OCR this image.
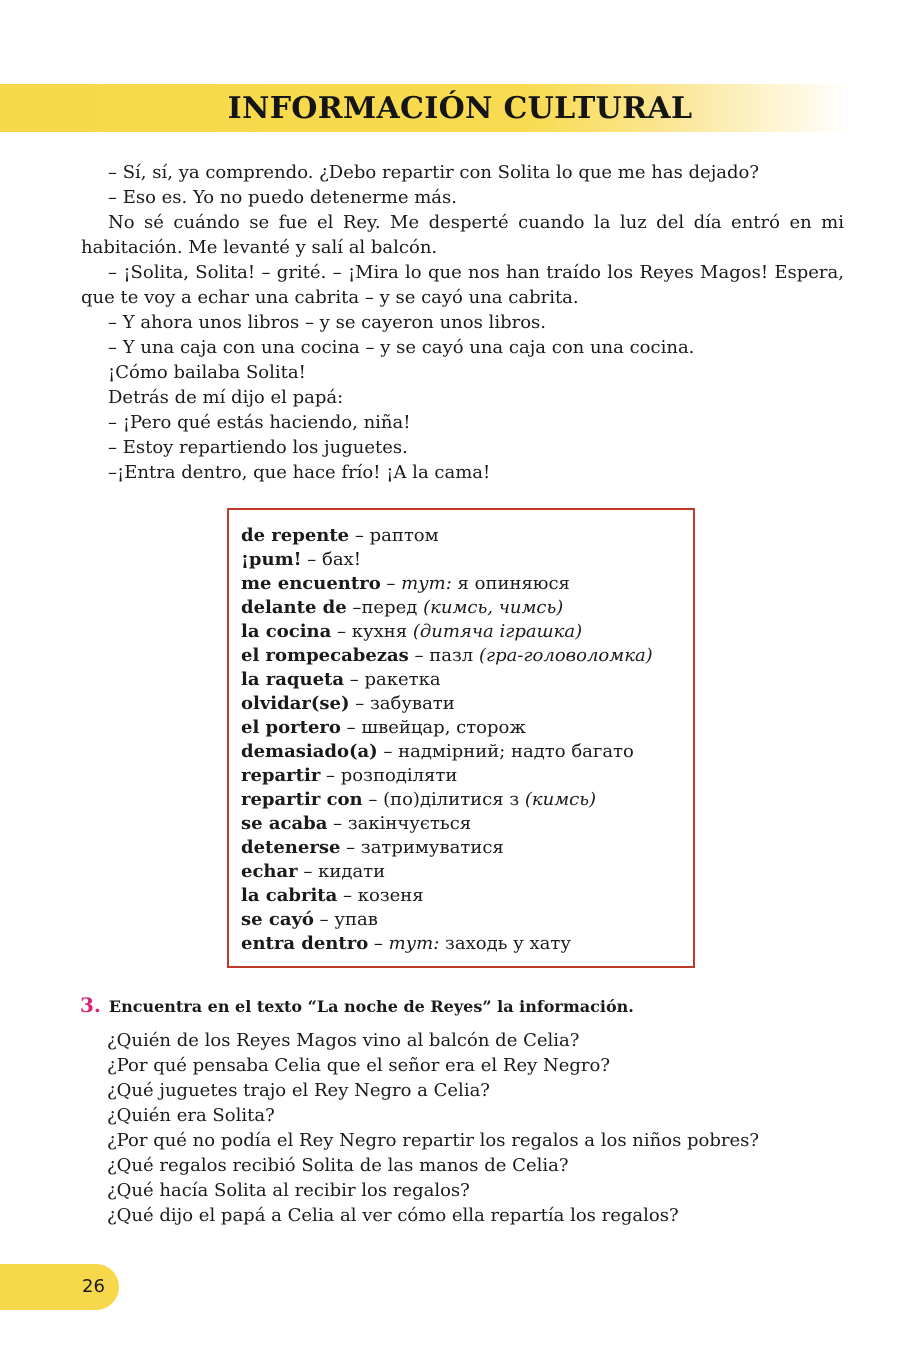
INFORMACIÓN CULTURAL

– Sí, sí, ya comprendo. ¿Debo repartir con Solita lo que me has dejado?

– Eso es. Yo no puedo detenerme más.

No sé cuándo se fue el Rey. Me desperté cuando la luz del día entró en mi habitación. Me levanté y salí al balcón.

– ¡Solita, Solita! – grité. – ¡Mira lo que nos han traído los Reyes Magos! Espera, que te voy a echar una cabrita – y se cayó una cabrita.

– Y ahora unos libros – y se cayeron unos libros.

– Y una caja con una cocina – y se cayó una caja con una cocina.

¡Cómo bailaba Solita!

Detrás de mí dijo el papá:

– ¡Pero qué estás haciendo, niña!

– Estoy repartiendo los juguetes.

–¡Entra dentro, que hace frío! ¡A la cama!

de repente – раптом
¡pum! – бах!
me encuentro – тут: я опиняюся
delante de –перед (кимсь, чимсь)
la cocina – кухня (дитяча іграшка)
el rompecabezas – пазл (гра-головоломка)
la raqueta – ракетка
olvidar(se) – забувати
el portero – швейцар, сторож
demasiado(a) – надмірний; надто багато
repartir – розподіляти
repartir con – (по)ділитися з (кимсь)
se acaba – закінчується
detenerse – затримуватися
echar – кидати
la cabrita – козеня
se cayó – упав
entra dentro – тут: заходь у хату
3. Encuentra en el texto “La noche de Reyes” la información.
¿Quién de los Reyes Magos vino al balcón de Celia?
¿Por qué pensaba Celia que el señor era el Rey Negro?
¿Qué juguetes trajo el Rey Negro a Celia?
¿Quién era Solita?
¿Por qué no podía el Rey Negro repartir los regalos a los niños pobres?
¿Qué regalos recibió Solita de las manos de Celia?
¿Qué hacía Solita al recibir los regalos?
¿Qué dijo el papá a Celia al ver cómo ella repartía los regalos?
26
